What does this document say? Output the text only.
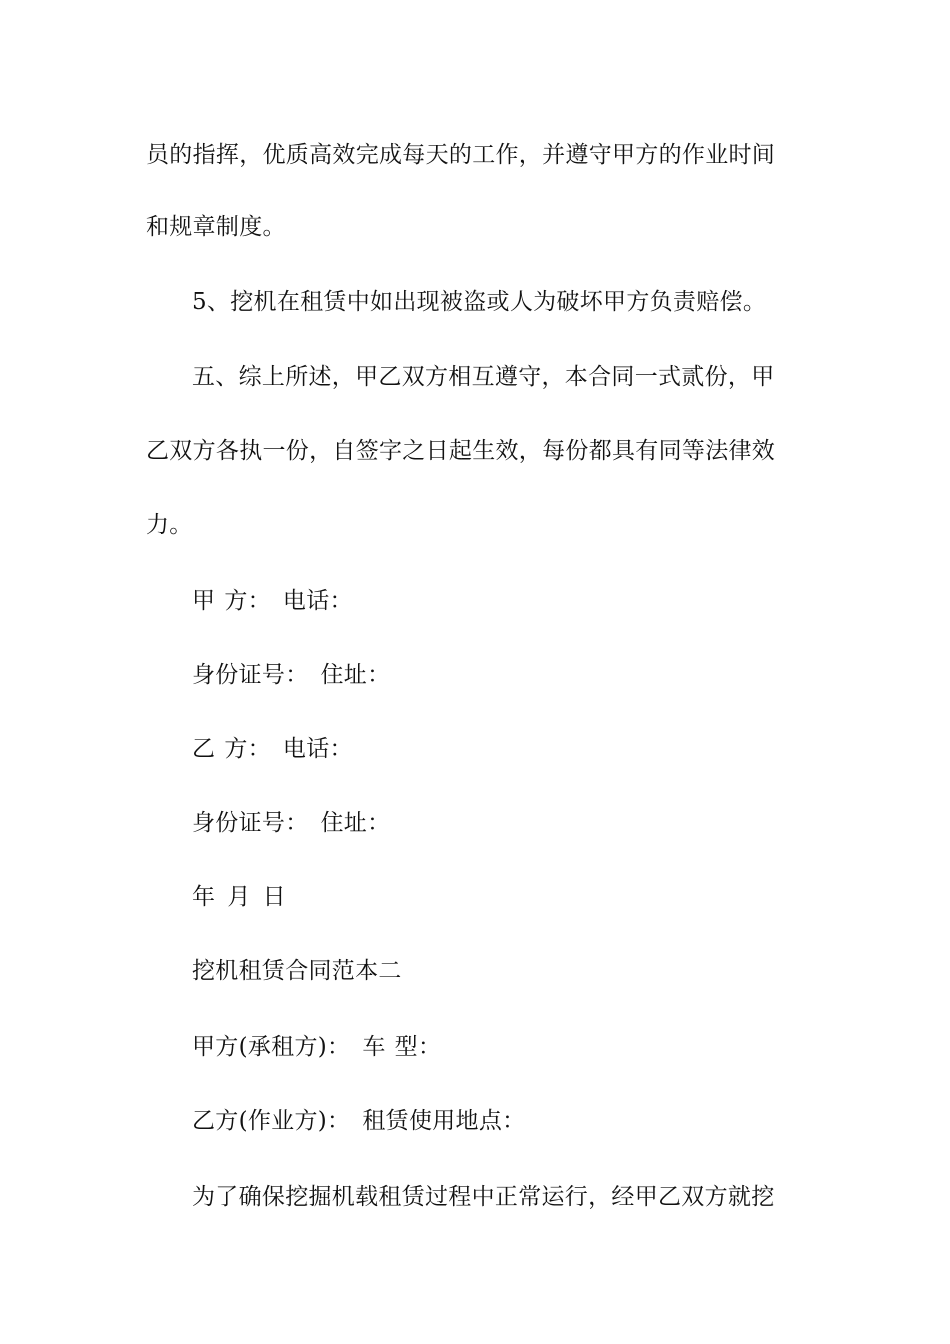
员的指挥，优质高效完成每天的工作，并遵守甲方的作业时间
和规章制度。
5、挖机在租赁中如出现被盗或人为破坏甲方负责赔偿。
五、综上所述，甲乙双方相互遵守，本合同一式贰份，甲
乙双方各执一份，自签字之日起生效，每份都具有同等法律效
力。
甲 方： 电话：
身份证号： 住址：
乙 方： 电话：
身份证号： 住址：
年 月 日
挖机租赁合同范本二
甲方(承租方)： 车 型：
乙方(作业方)： 租赁使用地点：
为了确保挖掘机载租赁过程中正常运行，经甲乙双方就挖
